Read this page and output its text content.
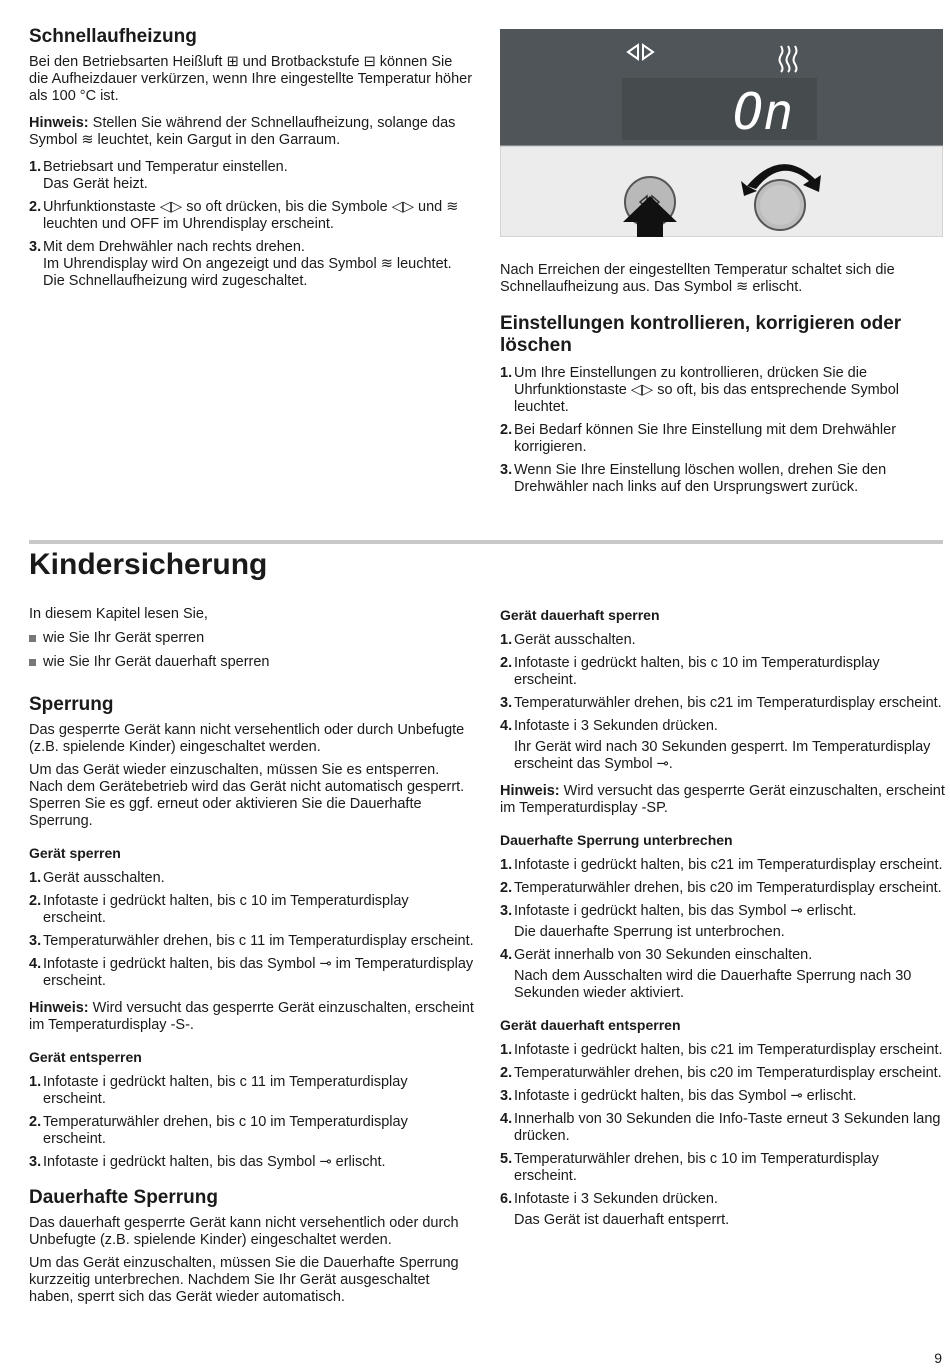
Schnellaufheizung

Bei den Betriebsarten Heißluft ⊞ und Brotbackstufe ⊟ können Sie die Aufheizdauer verkürzen, wenn Ihre eingestellte Temperatur höher als 100 °C ist.

Hinweis: Stellen Sie während der Schnellaufheizung, solange das Symbol ≋ leuchtet, kein Gargut in den Garraum.

1. Betriebsart und Temperatur einstellen.
Das Gerät heizt.
2. Uhrfunktionstaste ◁▷ so oft drücken, bis die Symbole ◁▷ und ≋ leuchten und OFF im Uhrendisplay erscheint.
3. Mit dem Drehwähler nach rechts drehen.
Im Uhrendisplay wird On angezeigt und das Symbol ≋ leuchtet. Die Schnellaufheizung wird zugeschaltet.
On

Nach Erreichen der eingestellten Temperatur schaltet sich die Schnellaufheizung aus. Das Symbol ≋ erlischt.

Einstellungen kontrollieren, korrigieren oder löschen
1. Um Ihre Einstellungen zu kontrollieren, drücken Sie die Uhrfunktionstaste ◁▷ so oft, bis das entsprechende Symbol leuchtet.
2. Bei Bedarf können Sie Ihre Einstellung mit dem Drehwähler korrigieren.
3. Wenn Sie Ihre Einstellung löschen wollen, drehen Sie den Drehwähler nach links auf den Ursprungswert zurück.
Kindersicherung

In diesem Kapitel lesen Sie,

wie Sie Ihr Gerät sperren
wie Sie Ihr Gerät dauerhaft sperren
Sperrung

Das gesperrte Gerät kann nicht versehentlich oder durch Unbefugte (z.B. spielende Kinder) eingeschaltet werden.

Um das Gerät wieder einzuschalten, müssen Sie es entsperren. Nach dem Gerätebetrieb wird das Gerät nicht automatisch gesperrt. Sperren Sie es ggf. erneut oder aktivieren Sie die Dauerhafte Sperrung.

Gerät sperren
1. Gerät ausschalten.
2. Infotaste i gedrückt halten, bis c 10 im Temperaturdisplay erscheint.
3. Temperaturwähler drehen, bis c 11 im Temperaturdisplay erscheint.
4. Infotaste i gedrückt halten, bis das Symbol ⊸ im Temperaturdisplay erscheint.

Hinweis: Wird versucht das gesperrte Gerät einzuschalten, erscheint im Temperaturdisplay -S-.

Gerät entsperren
1. Infotaste i gedrückt halten, bis c 11 im Temperaturdisplay erscheint.
2. Temperaturwähler drehen, bis c 10 im Temperaturdisplay erscheint.
3. Infotaste i gedrückt halten, bis das Symbol ⊸ erlischt.
Dauerhafte Sperrung

Das dauerhaft gesperrte Gerät kann nicht versehentlich oder durch Unbefugte (z.B. spielende Kinder) eingeschaltet werden.

Um das Gerät einzuschalten, müssen Sie die Dauerhafte Sperrung kurzzeitig unterbrechen. Nachdem Sie Ihr Gerät ausgeschaltet haben, sperrt sich das Gerät wieder automatisch.

Gerät dauerhaft sperren
1. Gerät ausschalten.
2. Infotaste i gedrückt halten, bis c 10 im Temperaturdisplay erscheint.
3. Temperaturwähler drehen, bis c21 im Temperaturdisplay erscheint.
4. Infotaste i 3 Sekunden drücken.
Ihr Gerät wird nach 30 Sekunden gesperrt. Im Temperaturdisplay erscheint das Symbol ⊸.

Hinweis: Wird versucht das gesperrte Gerät einzuschalten, erscheint im Temperaturdisplay -SP.

Dauerhafte Sperrung unterbrechen
1. Infotaste i gedrückt halten, bis c21 im Temperaturdisplay erscheint.
2. Temperaturwähler drehen, bis c20 im Temperaturdisplay erscheint.
3. Infotaste i gedrückt halten, bis das Symbol ⊸ erlischt.
Die dauerhafte Sperrung ist unterbrochen.
4. Gerät innerhalb von 30 Sekunden einschalten.
Nach dem Ausschalten wird die Dauerhafte Sperrung nach 30 Sekunden wieder aktiviert.
Gerät dauerhaft entsperren
1. Infotaste i gedrückt halten, bis c21 im Temperaturdisplay erscheint.
2. Temperaturwähler drehen, bis c20 im Temperaturdisplay erscheint.
3. Infotaste i gedrückt halten, bis das Symbol ⊸ erlischt.
4. Innerhalb von 30 Sekunden die Info-Taste erneut 3 Sekunden lang drücken.
5. Temperaturwähler drehen, bis c 10 im Temperaturdisplay erscheint.
6. Infotaste i 3 Sekunden drücken.
Das Gerät ist dauerhaft entsperrt.
9
